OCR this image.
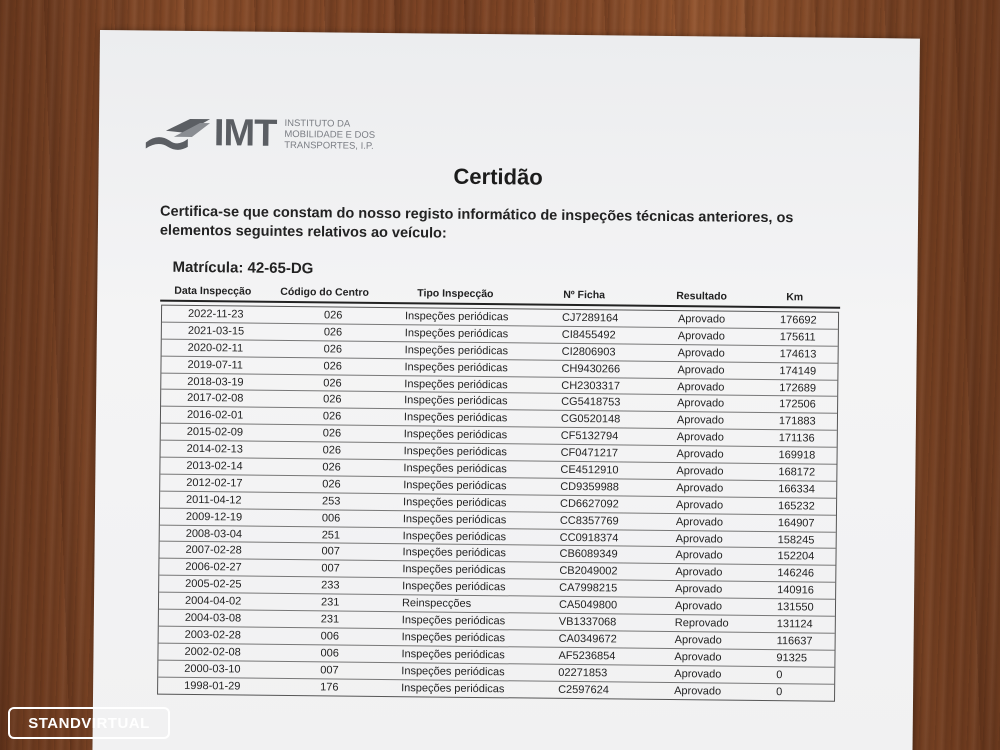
IMT INSTITUTO DA
MOBILIDADE E DOS
TRANSPORTES, I.P.
Certidão
Certifica-se que constam do nosso registo informático de inspeções técnicas anteriores, os elementos seguintes relativos ao veículo:
Matrícula: 42-65-DG
Data Inspecção	Código do Centro	Tipo Inspecção	Nº Ficha	Resultado	Km
2022-11-23	026	Inspeções periódicas	CJ7289164	Aprovado	176692
2021-03-15	026	Inspeções periódicas	CI8455492	Aprovado	175611
2020-02-11	026	Inspeções periódicas	CI2806903	Aprovado	174613
2019-07-11	026	Inspeções periódicas	CH9430266	Aprovado	174149
2018-03-19	026	Inspeções periódicas	CH2303317	Aprovado	172689
2017-02-08	026	Inspeções periódicas	CG5418753	Aprovado	172506
2016-02-01	026	Inspeções periódicas	CG0520148	Aprovado	171883
2015-02-09	026	Inspeções periódicas	CF5132794	Aprovado	171136
2014-02-13	026	Inspeções periódicas	CF0471217	Aprovado	169918
2013-02-14	026	Inspeções periódicas	CE4512910	Aprovado	168172
2012-02-17	026	Inspeções periódicas	CD9359988	Aprovado	166334
2011-04-12	253	Inspeções periódicas	CD6627092	Aprovado	165232
2009-12-19	006	Inspeções periódicas	CC8357769	Aprovado	164907
2008-03-04	251	Inspeções periódicas	CC0918374	Aprovado	158245
2007-02-28	007	Inspeções periódicas	CB6089349	Aprovado	152204
2006-02-27	007	Inspeções periódicas	CB2049002	Aprovado	146246
2005-02-25	233	Inspeções periódicas	CA7998215	Aprovado	140916
2004-04-02	231	Reinspecções	CA5049800	Aprovado	131550
2004-03-08	231	Inspeções periódicas	VB1337068	Reprovado	131124
2003-02-28	006	Inspeções periódicas	CA0349672	Aprovado	116637
2002-02-08	006	Inspeções periódicas	AF5236854	Aprovado	91325
2000-03-10	007	Inspeções periódicas	02271853	Aprovado	0
1998-01-29	176	Inspeções periódicas	C2597624	Aprovado	0
STANDVIRTUAL
